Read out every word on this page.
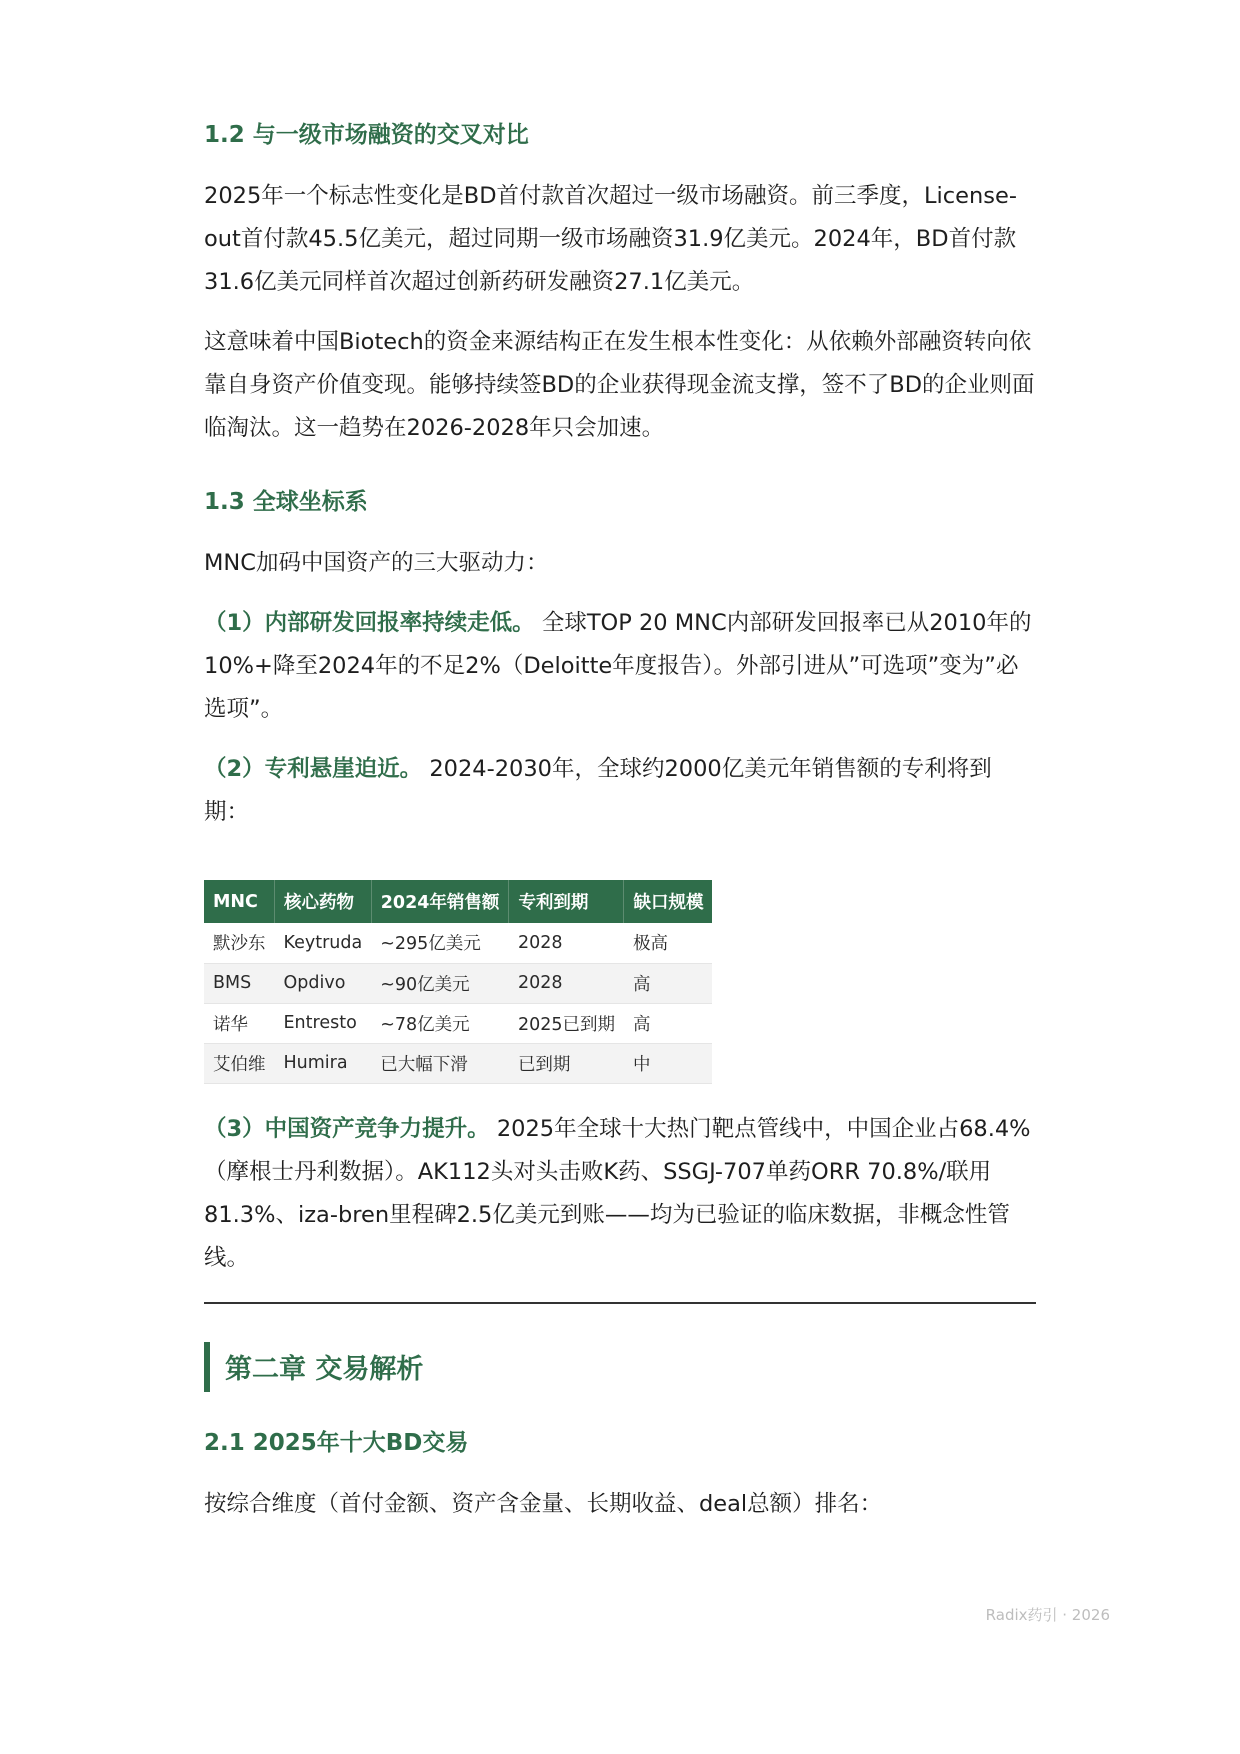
1.2 与一级市场融资的交叉对比

2025年一个标志性变化是BD首付款首次超过一级市场融资。前三季度，License-out首付款45.5亿美元，超过同期一级市场融资31.9亿美元。2024年，BD首付款31.6亿美元同样首次超过创新药研发融资27.1亿美元。

这意味着中国Biotech的资金来源结构正在发生根本性变化：从依赖外部融资转向依靠自身资产价值变现。能够持续签BD的企业获得现金流支撑，签不了BD的企业则面临淘汰。这一趋势在2026-2028年只会加速。

1.3 全球坐标系

MNC加码中国资产的三大驱动力：

（1）内部研发回报率持续走低。 全球TOP 20 MNC内部研发回报率已从2010年的10%+降至2024年的不足2%（Deloitte年度报告）。外部引进从”可选项”变为”必选项”。

（2）专利悬崖迫近。 2024-2030年，全球约2000亿美元年销售额的专利将到期：

MNC	核心药物	2024年销售额	专利到期	缺口规模
默沙东	Keytruda	~295亿美元	2028	极高
BMS	Opdivo	~90亿美元	2028	高
诺华	Entresto	~78亿美元	2025已到期	高
艾伯维	Humira	已大幅下滑	已到期	中

（3）中国资产竞争力提升。 2025年全球十大热门靶点管线中，中国企业占68.4%（摩根士丹利数据）。AK112头对头击败K药、SSGJ-707单药ORR 70.8%/联用81.3%、iza-bren里程碑2.5亿美元到账——均为已验证的临床数据，非概念性管线。

第二章 交易解析
2.1 2025年十大BD交易

按综合维度（首付金额、资产含金量、长期收益、deal总额）排名：

Radix药引 · 2026
